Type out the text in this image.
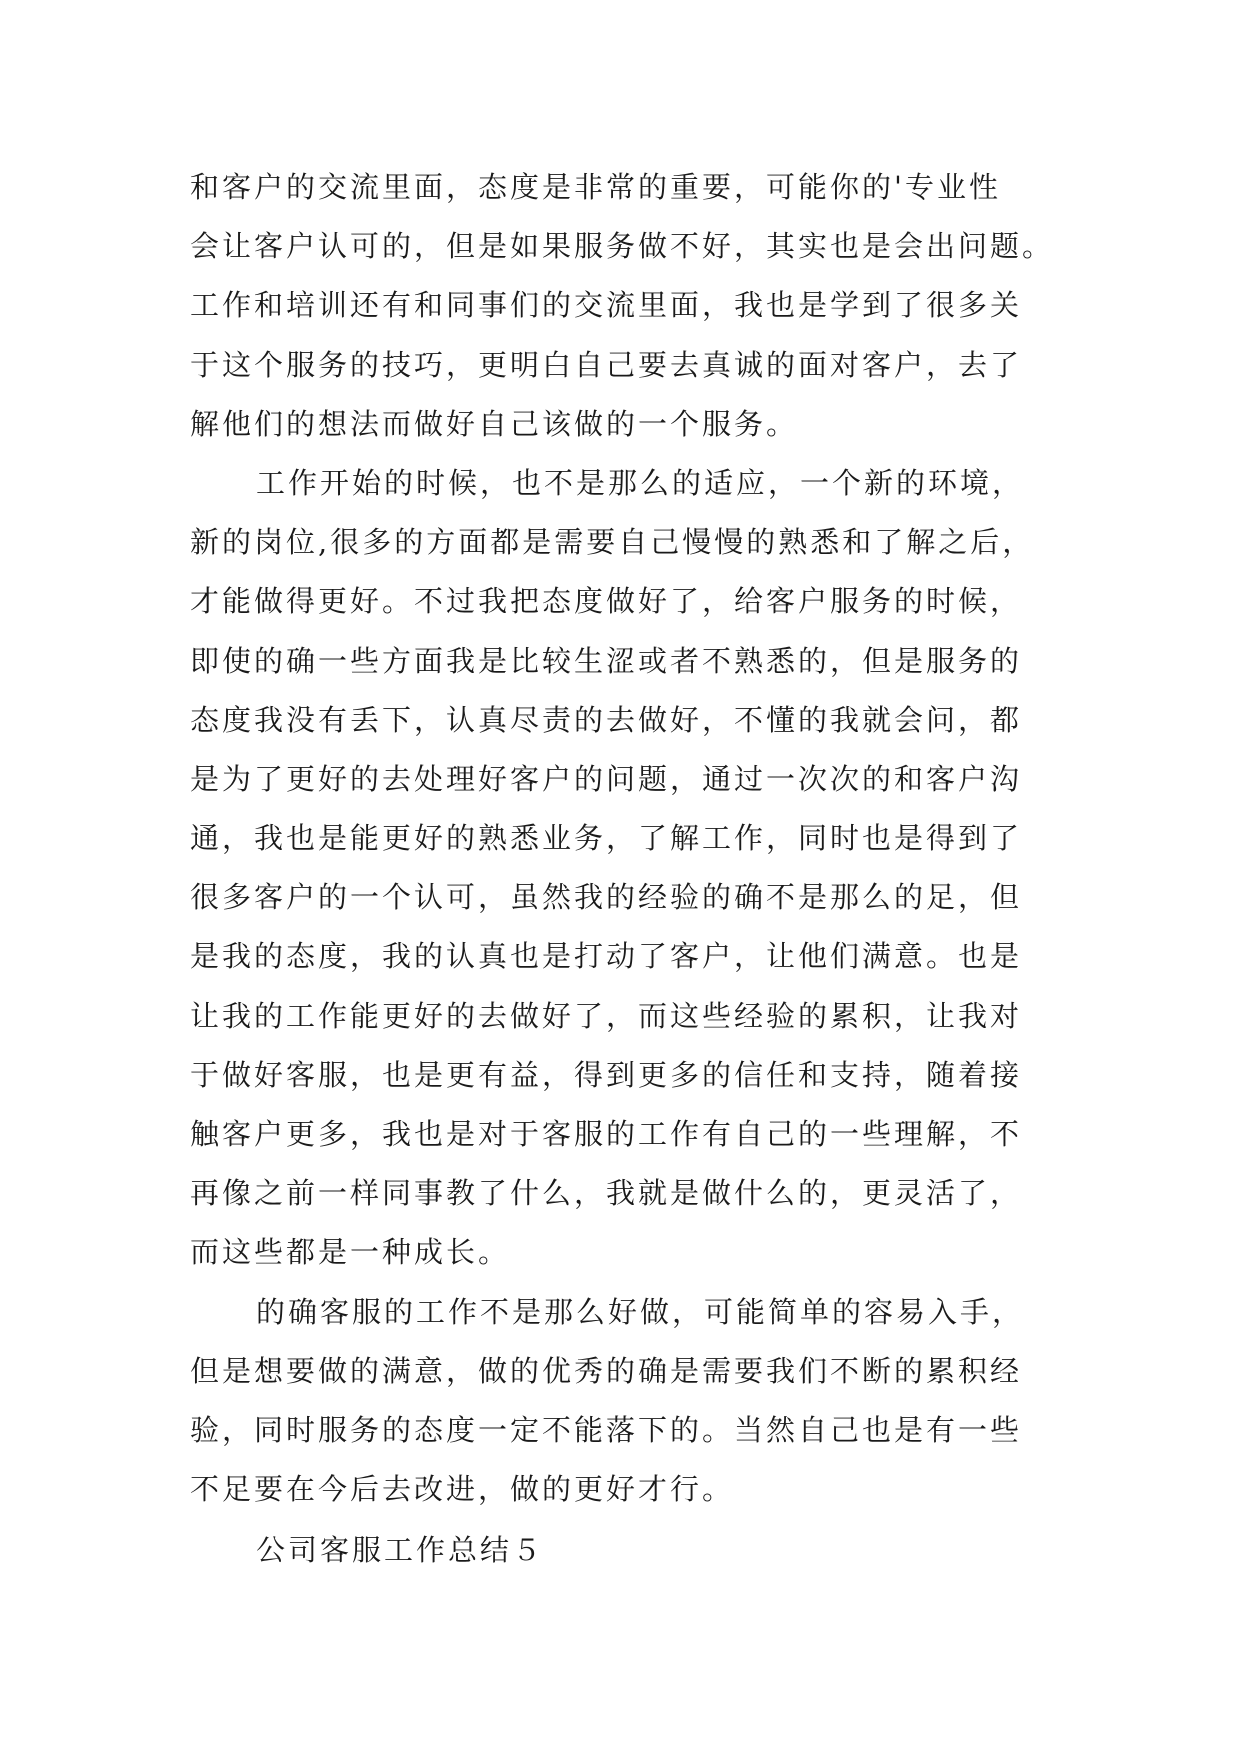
和客户的交流里面，态度是非常的重要，可能你的'专业性
会让客户认可的，但是如果服务做不好，其实也是会出问题。
工作和培训还有和同事们的交流里面，我也是学到了很多关
于这个服务的技巧，更明白自己要去真诚的面对客户，去了
解他们的想法而做好自己该做的一个服务。
工作开始的时候，也不是那么的适应，一个新的环境，
新的岗位,很多的方面都是需要自己慢慢的熟悉和了解之后，
才能做得更好。不过我把态度做好了，给客户服务的时候，
即使的确一些方面我是比较生涩或者不熟悉的，但是服务的
态度我没有丢下，认真尽责的去做好，不懂的我就会问，都
是为了更好的去处理好客户的问题，通过一次次的和客户沟
通，我也是能更好的熟悉业务，了解工作，同时也是得到了
很多客户的一个认可，虽然我的经验的确不是那么的足，但
是我的态度，我的认真也是打动了客户，让他们满意。也是
让我的工作能更好的去做好了，而这些经验的累积，让我对
于做好客服，也是更有益，得到更多的信任和支持，随着接
触客户更多，我也是对于客服的工作有自己的一些理解，不
再像之前一样同事教了什么，我就是做什么的，更灵活了，
而这些都是一种成长。
的确客服的工作不是那么好做，可能简单的容易入手，
但是想要做的满意，做的优秀的确是需要我们不断的累积经
验，同时服务的态度一定不能落下的。当然自己也是有一些
不足要在今后去改进，做的更好才行。
公司客服工作总结５
